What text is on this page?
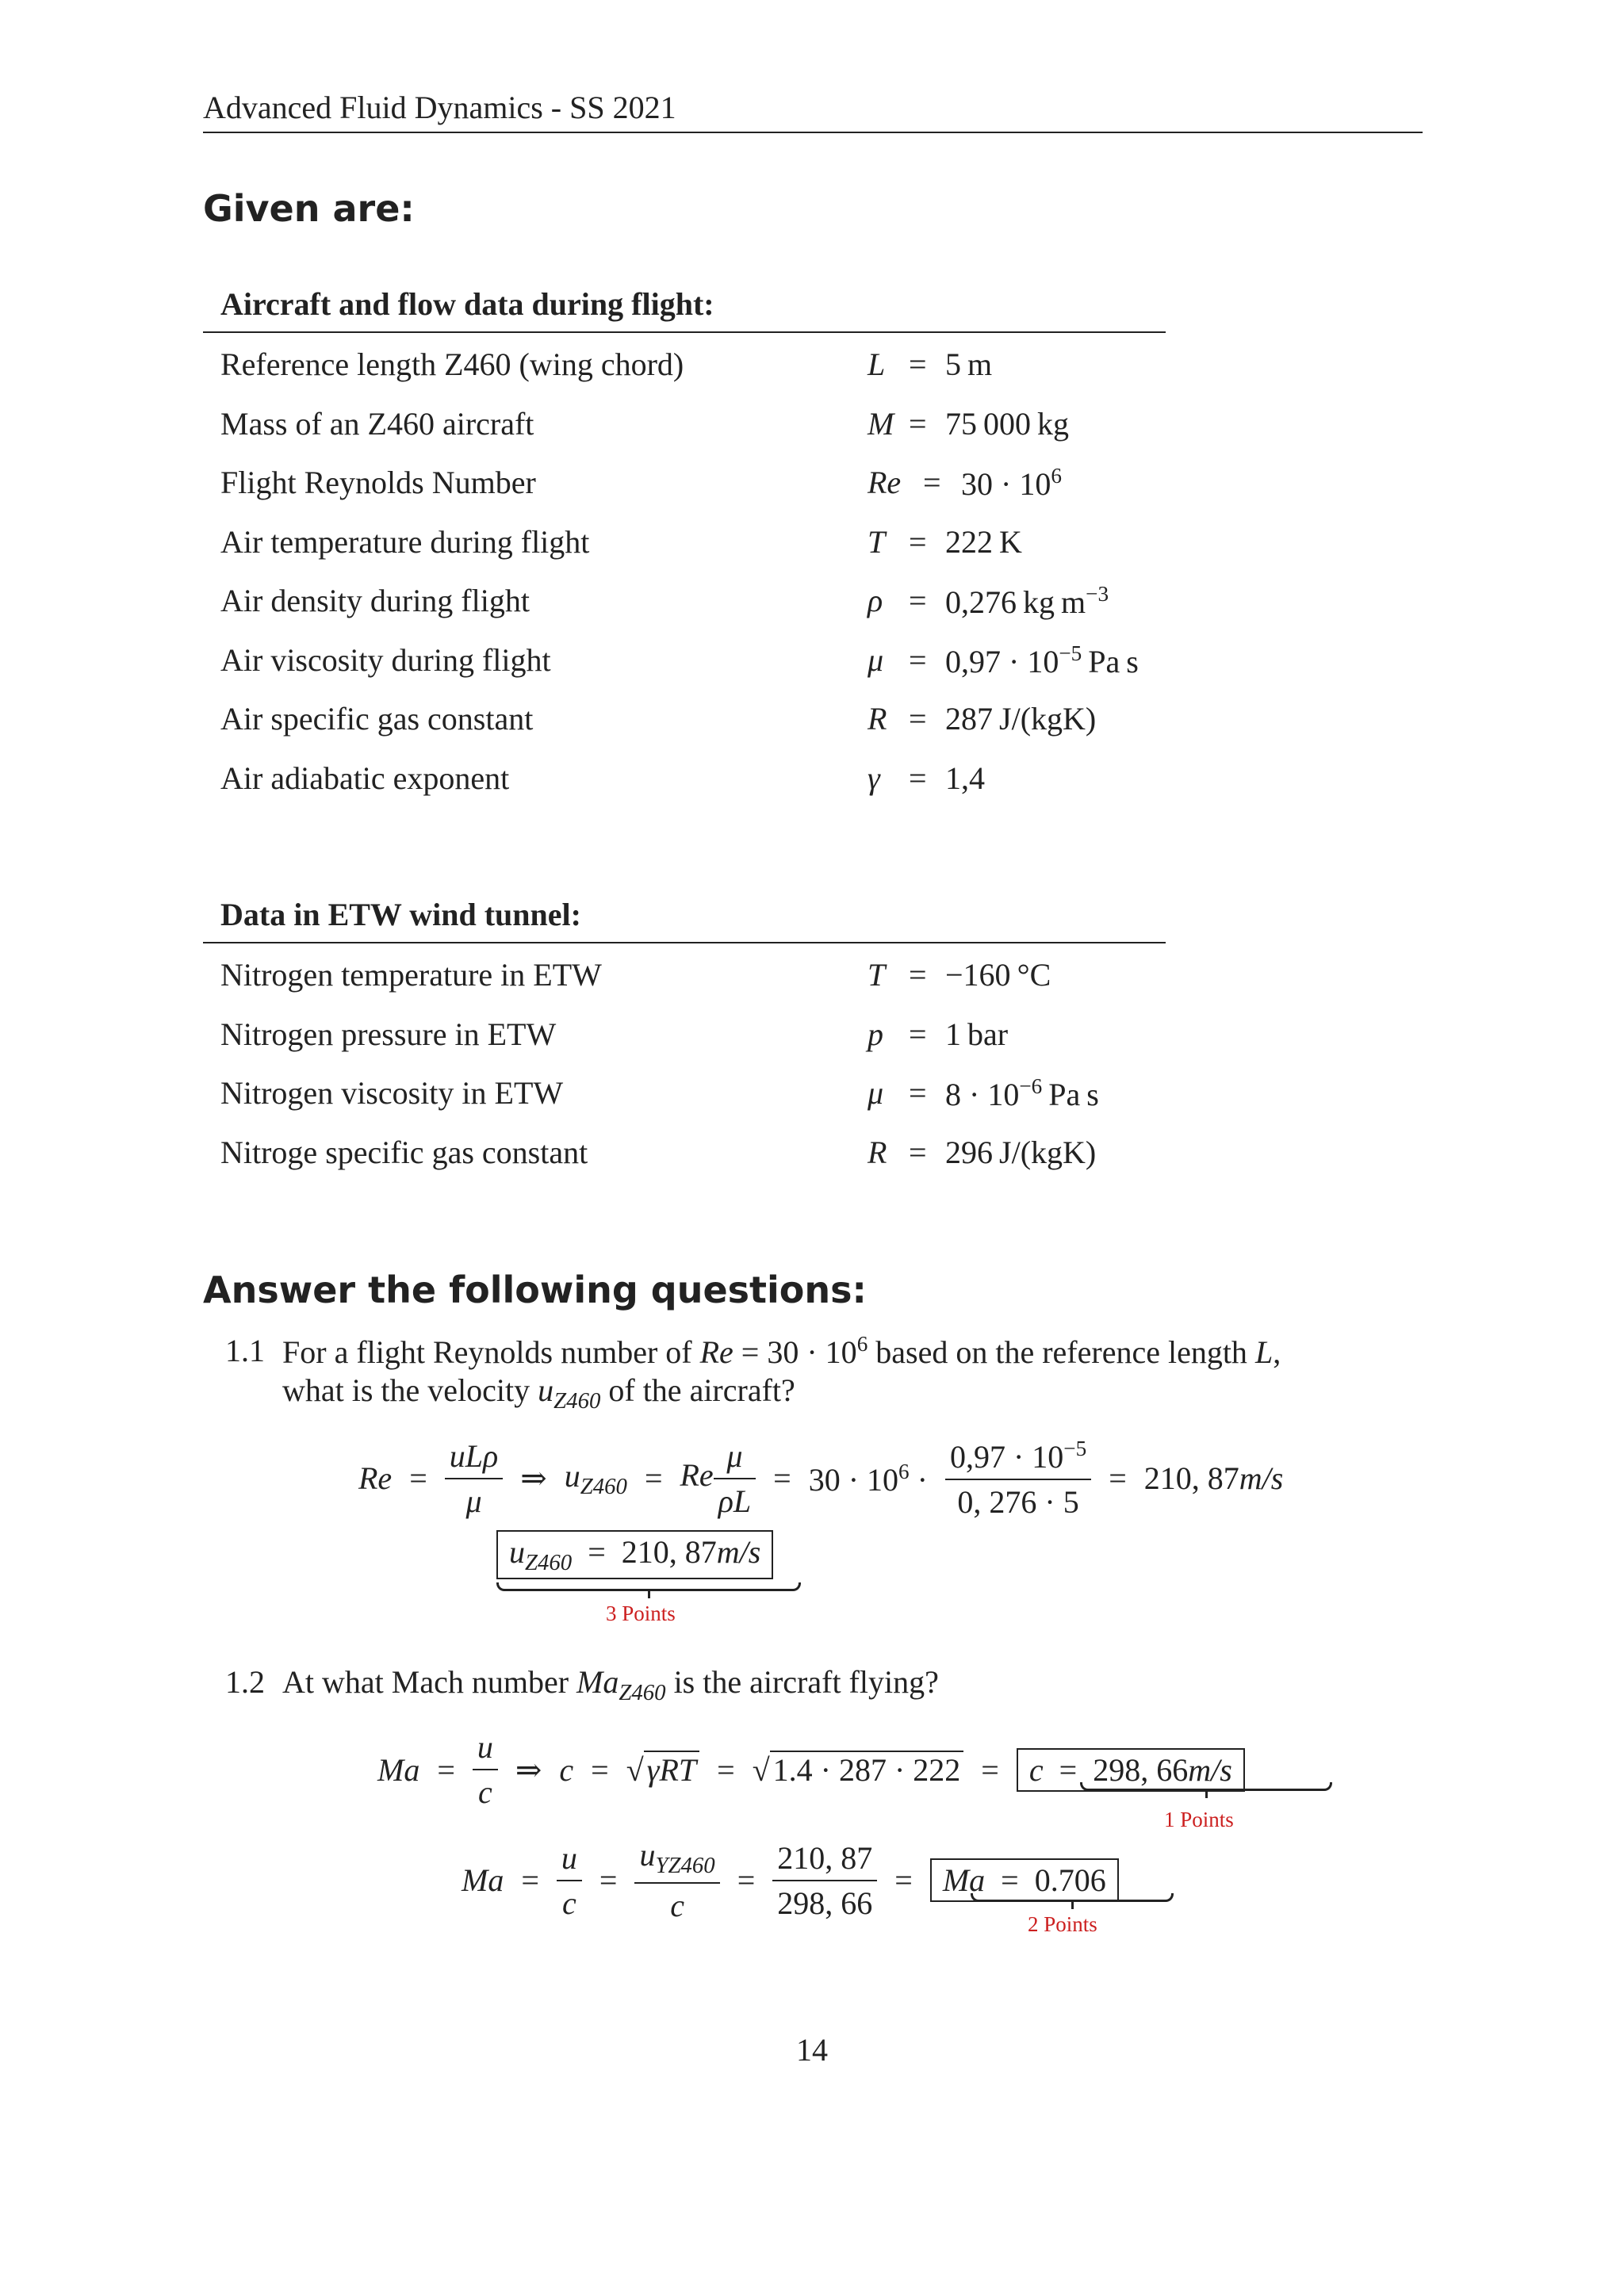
Advanced Fluid Dynamics - SS 2021
Given are:
Aircraft and flow data during flight:
Reference length Z460 (wing chord)	L = 5 m
Mass of an Z460 aircraft	M = 75 000 kg
Flight Reynolds Number	$Re = 30 \cdot 10^6$
Air temperature during flight	T = 222 K
Air density during flight	ρ = 0,276 kg $m^{-3}$
Air viscosity during flight	$\mu = 0,97 \cdot 10^{-5}$ Pa s
Air specific gas constant	R = 287 J/(kgK)
Air adiabatic exponent	γ = 1,4
Data in ETW wind tunnel:
Nitrogen temperature in ETW	T = −160 °C
Nitrogen pressure in ETW	p = 1 bar
Nitrogen viscosity in ETW	$\mu = 8 \cdot 10^{-6}$ Pa s
Nitroge specific gas constant	R = 296 J/(kgK)
Answer the following questions:
1.1 For a flight Reynolds number of $Re = 30 \cdot 10^6$ based on the reference length L,
what is the velocity $u_{Z460}$ of the aircraft?
$Re = \frac{\text{uLρ}}{\mu}$ ⇒ $u_{Z460} = Re \frac{\mu}{\rho L} = 30 \cdot 10^6 \cdot \frac{0,97 \cdot 10^{-5}}{0, 276 \cdot 5} = 210$, 87m/s
$u_{Z460} = 210$, 87m/s
3 Points
1.2 At what Mach number $Ma_{Z460}$ is the aircraft flying?
$Ma = \frac{u}{c}$ ⇒ c = √ γRT = √ 1.4 · 287 · 222 = c  =  298, 66m/s
1 Points
$Ma = \frac{u}{c} = \frac{u_{YZ460}}{c} = \frac{210, 87}{298, 66} = Ma = 0.706$
2 Points
14
